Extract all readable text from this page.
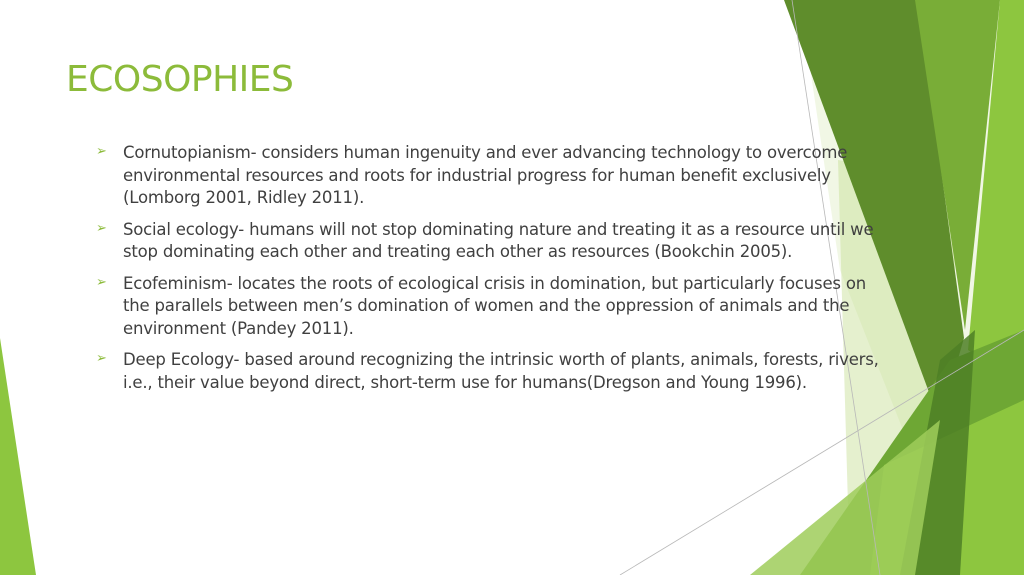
ECOSOPHIES
➢ Cornutopianism- considers human ingenuity and ever advancing technology to overcome environmental resources and roots for industrial progress for human benefit exclusively (Lomborg 2001, Ridley 2011).
➢ Social ecology- humans will not stop dominating nature and treating it as a resource until we stop dominating each other and treating each other as resources (Bookchin 2005).
➢ Ecofeminism- locates the roots of ecological crisis in domination, but particularly focuses on the parallels between men’s domination of women and the oppression of animals and the environment (Pandey 2011).
➢ Deep Ecology- based around recognizing the intrinsic worth of plants, animals, forests, rivers, i.e., their value beyond direct, short-term use for humans(Dregson and Young 1996).
